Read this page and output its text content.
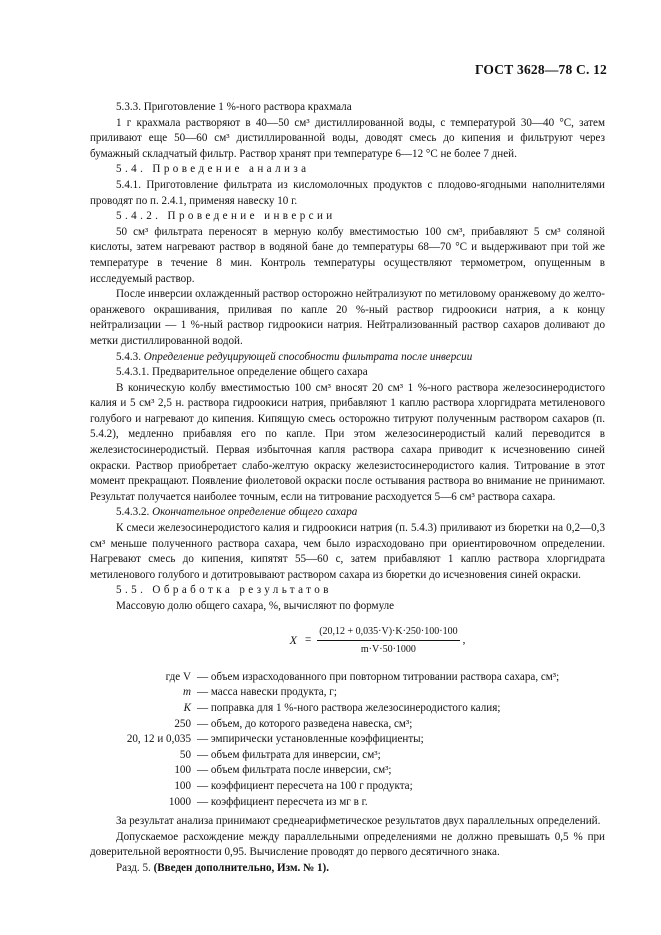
ГОСТ 3628—78 С. 12

5.3.3. Приготовление 1 %-ного раствора крахмала

1 г крахмала растворяют в 40—50 см³ дистиллированной воды, с температурой 30—40 °С, затем приливают еще 50—60 см³ дистиллированной воды, доводят смесь до кипения и фильтруют через бумажный складчатый фильтр. Раствор хранят при температуре 6—12 °С не более 7 дней.

5.4. Проведение анализа

5.4.1. Приготовление фильтрата из кисломолочных продуктов с плодово-ягодными наполнителями проводят по п. 2.4.1, применяя навеску 10 г.

5.4.2. Проведение инверсии

50 см³ фильтрата переносят в мерную колбу вместимостью 100 см³, прибавляют 5 см³ соляной кислоты, затем нагревают раствор в водяной бане до температуры 68—70 °С и выдерживают при той же температуре в течение 8 мин. Контроль температуры осуществляют термометром, опущенным в исследуемый раствор.

После инверсии охлажденный раствор осторожно нейтрализуют по метиловому оранжевому до желто-оранжевого окрашивания, приливая по капле 20 %-ный раствор гидроокиси натрия, а к концу нейтрализации — 1 %-ный раствор гидроокиси натрия. Нейтрализованный раствор сахаров доливают до метки дистиллированной водой.

5.4.3. Определение редуцирующей способности фильтрата после инверсии

5.4.3.1. Предварительное определение общего сахара

В коническую колбу вместимостью 100 см³ вносят 20 см³ 1 %-ного раствора железосинеродистого калия и 5 см³ 2,5 н. раствора гидроокиси натрия, прибавляют 1 каплю раствора хлоргидрата метиленового голубого и нагревают до кипения. Кипящую смесь осторожно титруют полученным раствором сахаров (п. 5.4.2), медленно прибавляя его по капле. При этом железосинеродистый калий переводится в железистосинеродистый. Первая избыточная капля раствора сахара приводит к исчезновению синей окраски. Раствор приобретает слабо-желтую окраску железистосинеродистого калия. Титрование в этот момент прекращают. Появление фиолетовой окраски после остывания раствора во внимание не принимают. Результат получается наиболее точным, если на титрование расходуется 5—6 см³ раствора сахара.

5.4.3.2. Окончательное определение общего сахара

К смеси железосинеродистого калия и гидроокиси натрия (п. 5.4.3) приливают из бюретки на 0,2—0,3 см³ меньше полученного раствора сахара, чем было израсходовано при ориентировочном определении. Нагревают смесь до кипения, кипятят 55—60 с, затем прибавляют 1 каплю раствора хлоргидрата метиленового голубого и дотитровывают раствором сахара из бюретки до исчезновения синей окраски.

5.5. Обработка результатов

Массовую долю общего сахара, %, вычисляют по формуле

$X = \frac{(20,12 + 0,035\cdot V)\cdot K\cdot 250\cdot 100\cdot 100}{m\cdot V\cdot 50\cdot 1000}$ ,
где V — объем израсходованного при повторном титровании раствора сахара, см³;
m — масса навески продукта, г;
K — поправка для 1 %-ного раствора железосинеродистого калия;
250 — объем, до которого разведена навеска, см³;
20, 12 и 0,035 — эмпирически установленные коэффициенты;
50 — объем фильтрата для инверсии, см³;
100 — объем фильтрата после инверсии, см³;
100 — коэффициент пересчета на 100 г продукта;
1000 — коэффициент пересчета из мг в г.

За результат анализа принимают среднеарифметическое результатов двух параллельных определений.

Допускаемое расхождение между параллельными определениями не должно превышать 0,5 % при доверительной вероятности 0,95. Вычисление проводят до первого десятичного знака.

Разд. 5. (Введен дополнительно, Изм. № 1).
